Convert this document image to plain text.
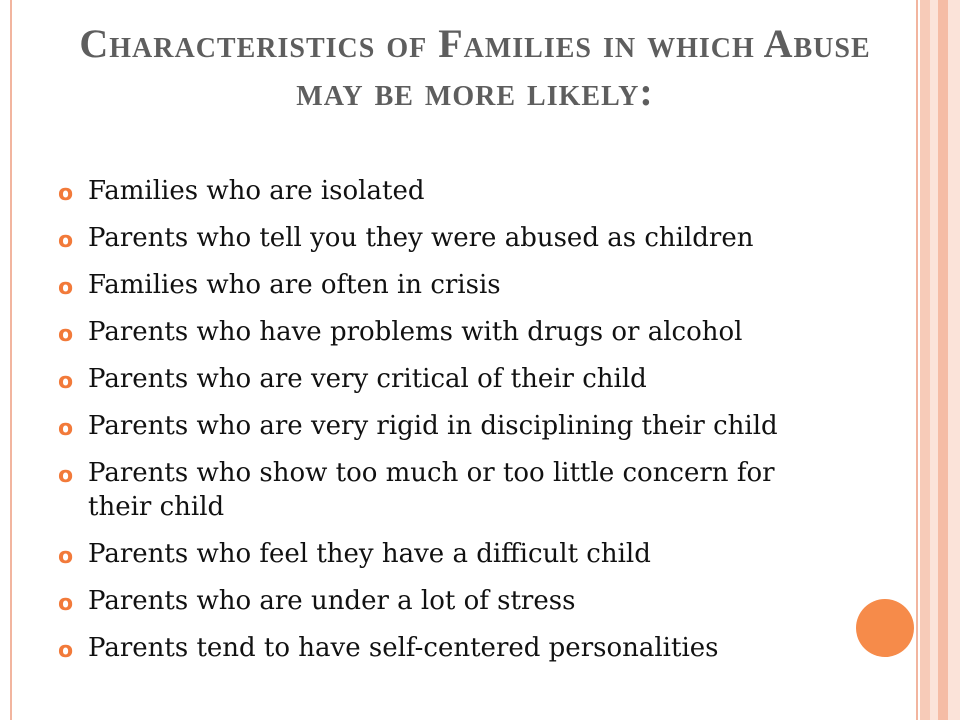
Characteristics of Families in which Abuse may be more likely:
o Families who are isolated
o Parents who tell you they were abused as children
o Families who are often in crisis
o Parents who have problems with drugs or alcohol
o Parents who are very critical of their child
o Parents who are very rigid in disciplining their child
o Parents who show too much or too little concern for their child
o Parents who feel they have a difficult child
o Parents who are under a lot of stress
o Parents tend to have self-centered personalities
